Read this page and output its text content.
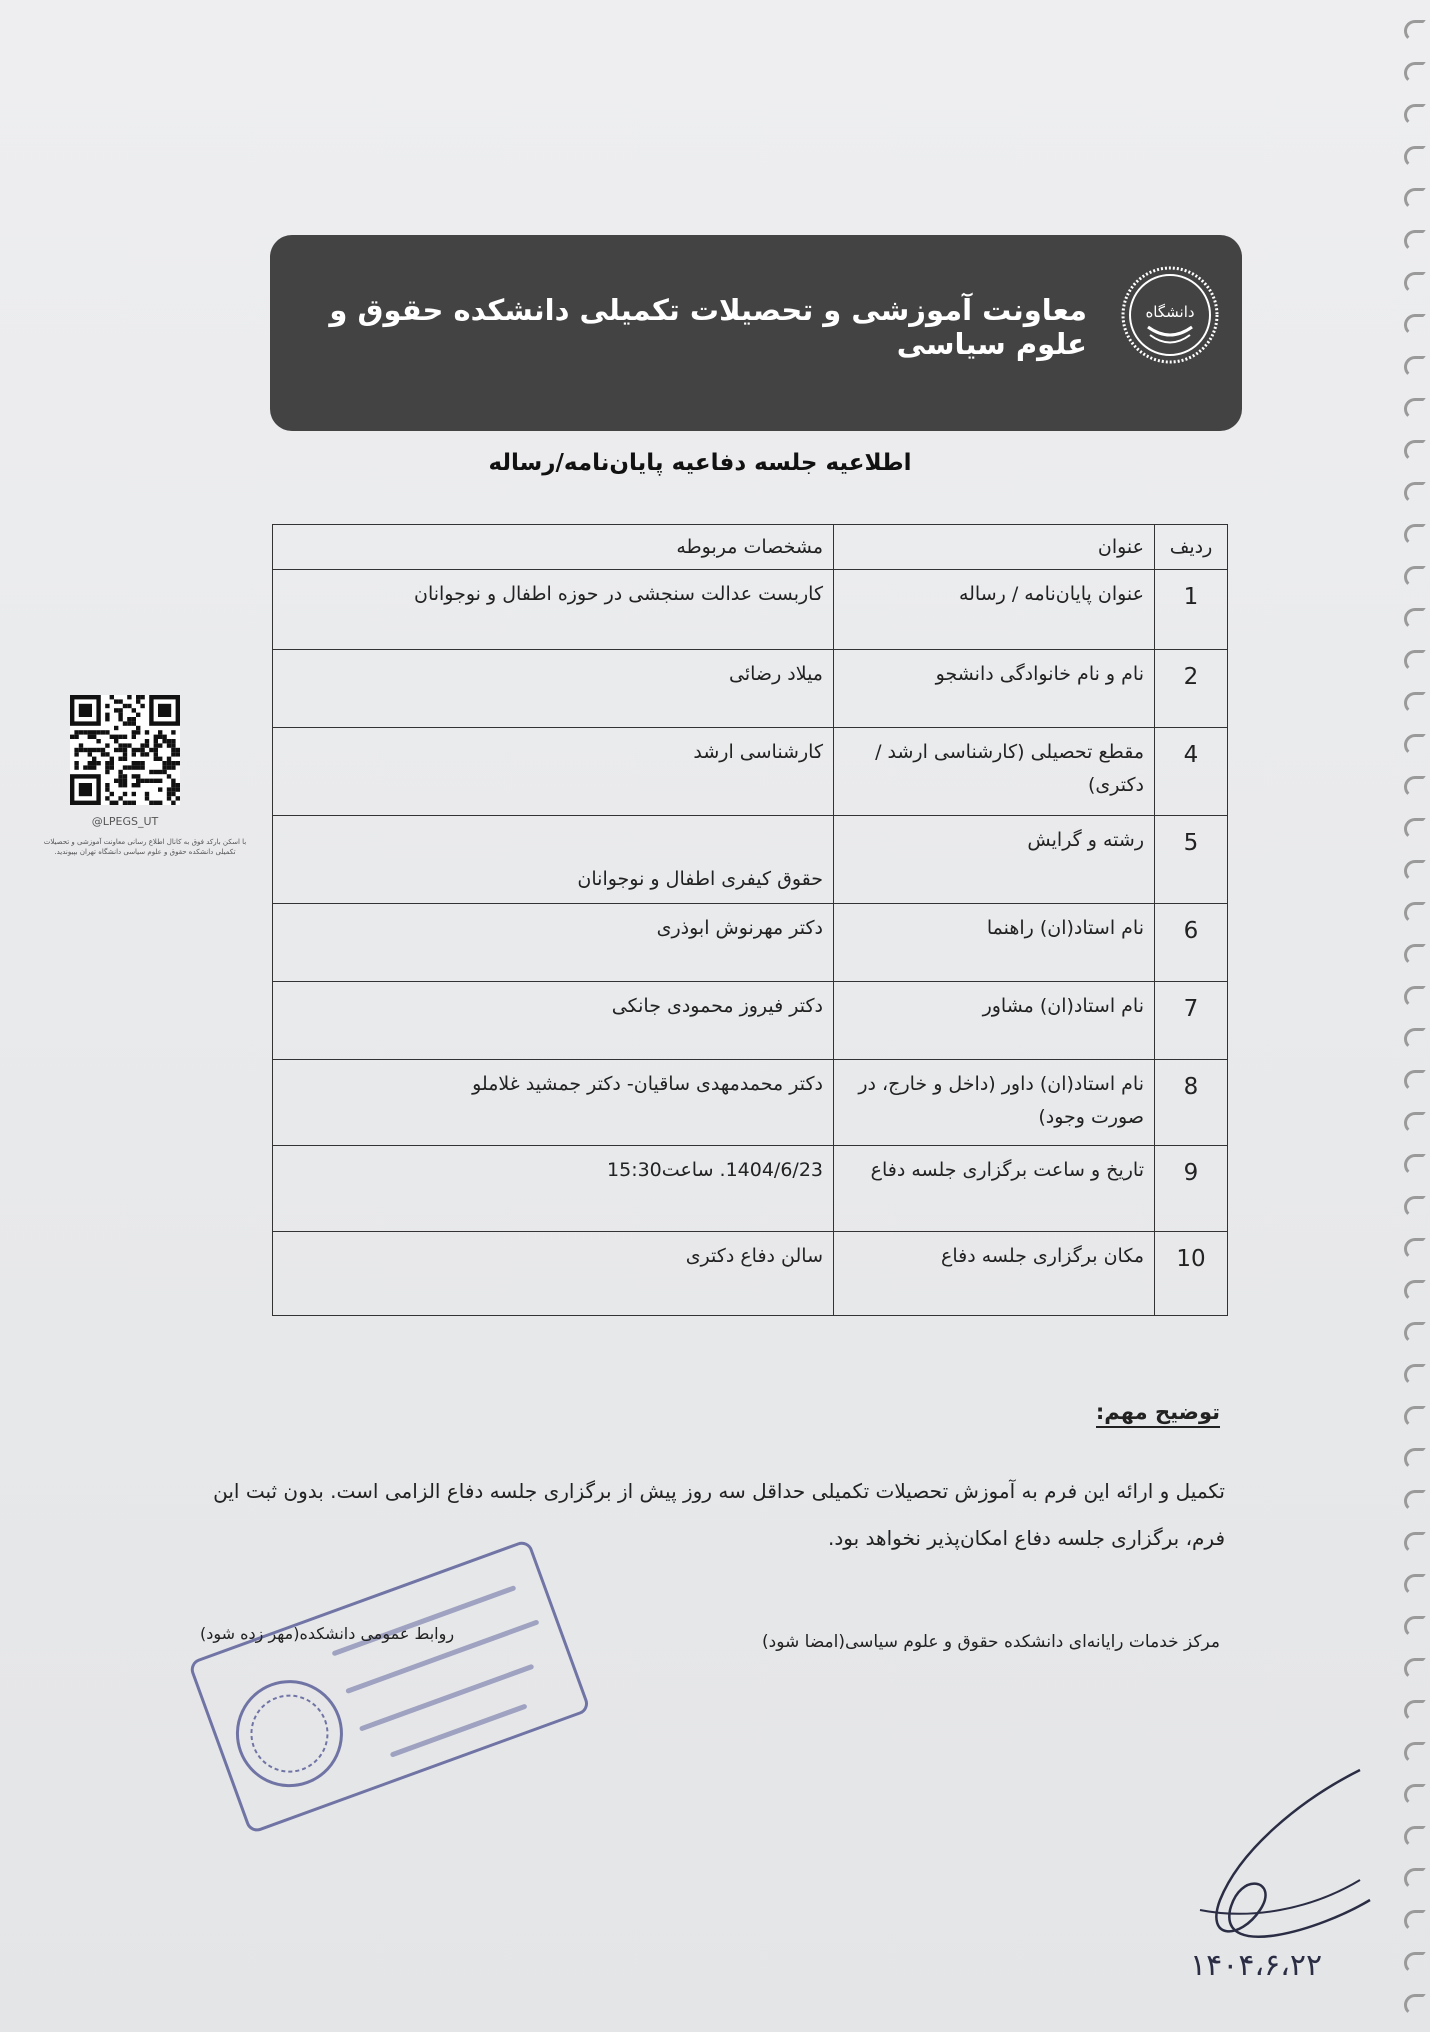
دانشگاه
معاونت آموزشی و تحصیلات تکمیلی دانشکده حقوق و علوم سیاسی
اطلاعیه جلسه دفاعیه پایان‌نامه/رساله
ردیف	عنوان	مشخصات مربوطه
1	عنوان پایان‌نامه / رساله	کاربست عدالت سنجشی در حوزه اطفال و نوجوانان
2	نام و نام خانوادگی دانشجو	میلاد رضائی
4	مقطع تحصیلی (کارشناسی ارشد / دکتری)	کارشناسی ارشد
5	رشته و گرایش	حقوق کیفری اطفال و نوجوانان
6	نام استاد(ان) راهنما	دکتر مهرنوش ابوذری
7	نام استاد(ان) مشاور	دکتر فیروز محمودی جانکی
8	نام استاد(ان) داور (داخل و خارج، در صورت وجود)	دکتر محمدمهدی ساقیان- دکتر جمشید غلاملو
9	تاریخ و ساعت برگزاری جلسه دفاع	1404/6/23. ساعت15:30
10	مکان برگزاری جلسه دفاع	سالن دفاع دکتری
@LPEGS_UT
با اسکن بارکد فوق به کانال اطلاع رسانی معاونت آموزشی و تحصیلات تکمیلی دانشکده حقوق و علوم سیاسی دانشگاه تهران بپیوندید.
توضیح مهم:
تکمیل و ارائه این فرم به آموزش تحصیلات تکمیلی حداقل سه روز پیش از برگزاری جلسه دفاع الزامی است. بدون ثبت این فرم، برگزاری جلسه دفاع امکان‌پذیر نخواهد بود.
مرکز خدمات رایانه‌ای دانشکده حقوق و علوم سیاسی(امضا شود)
روابط عمومی دانشکده(مهر زده شود)
۱۴۰۴،۶،۲۲
